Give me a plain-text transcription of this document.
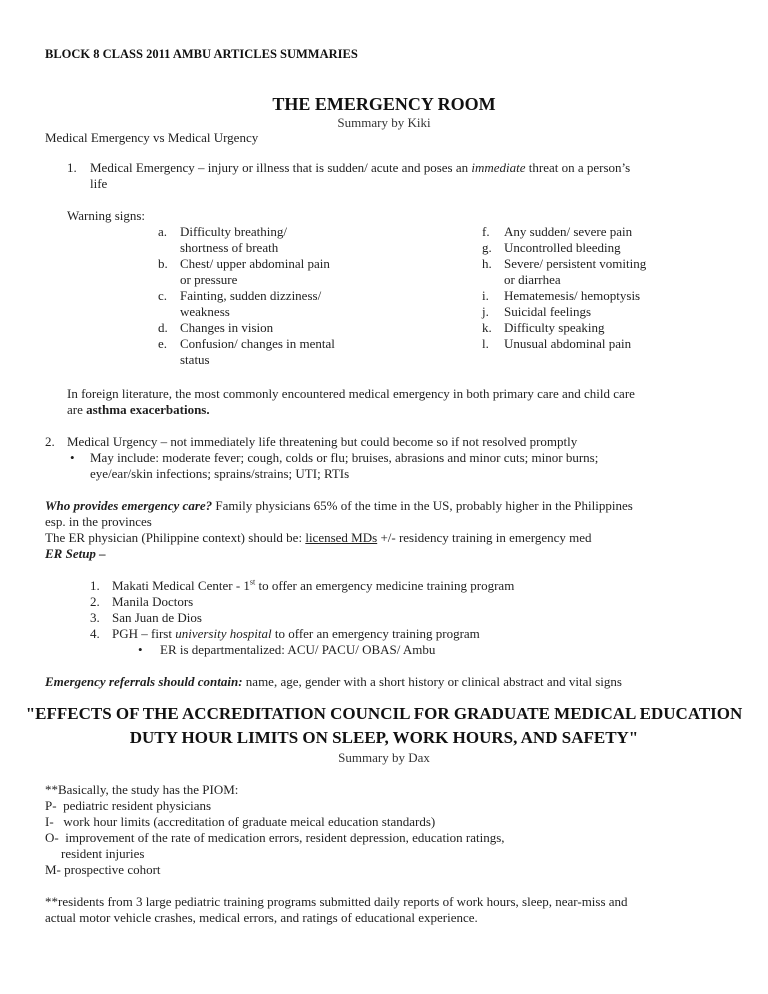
BLOCK 8 CLASS 2011 AMBU ARTICLES SUMMARIES
THE EMERGENCY ROOM
Summary by Kiki
Medical Emergency vs Medical Urgency
1. Medical Emergency – injury or illness that is sudden/ acute and poses an immediate threat on a person’s
life
Warning signs:
a. Difficulty breathing/
shortness of breath
b. Chest/ upper abdominal pain
or pressure
c. Fainting, sudden dizziness/
weakness
d. Changes in vision
e. Confusion/ changes in mental
status
f. Any sudden/ severe pain
g. Uncontrolled bleeding
h. Severe/ persistent vomiting
or diarrhea
i. Hematemesis/ hemoptysis
j. Suicidal feelings
k. Difficulty speaking
l. Unusual abdominal pain
In foreign literature, the most commonly encountered medical emergency in both primary care and child care
are asthma exacerbations.
2. Medical Urgency – not immediately life threatening but could become so if not resolved promptly
• May include: moderate fever; cough, colds or flu; bruises, abrasions and minor cuts; minor burns;
eye/ear/skin infections; sprains/strains; UTI; RTIs
Who provides emergency care? Family physicians 65% of the time in the US, probably higher in the Philippines
esp. in the provinces
The ER physician (Philippine context) should be: licensed MDs +/- residency training in emergency med
ER Setup –
1. Makati Medical Center - 1st to offer an emergency medicine training program
2. Manila Doctors
3. San Juan de Dios
4. PGH – first university hospital to offer an emergency training program
• ER is departmentalized: ACU/ PACU/ OBAS/ Ambu
Emergency referrals should contain: name, age, gender with a short history or clinical abstract and vital signs
"EFFECTS OF THE ACCREDITATION COUNCIL FOR GRADUATE MEDICAL EDUCATION
DUTY HOUR LIMITS ON SLEEP, WORK HOURS, AND SAFETY"
Summary by Dax
**Basically, the study has the PIOM:
P- pediatric resident physicians
I- work hour limits (accreditation of graduate meical education standards)
O- improvement of the rate of medication errors, resident depression, education ratings,
resident injuries
M- prospective cohort
**residents from 3 large pediatric training programs submitted daily reports of work hours, sleep, near-miss and
actual motor vehicle crashes, medical errors, and ratings of educational experience.
